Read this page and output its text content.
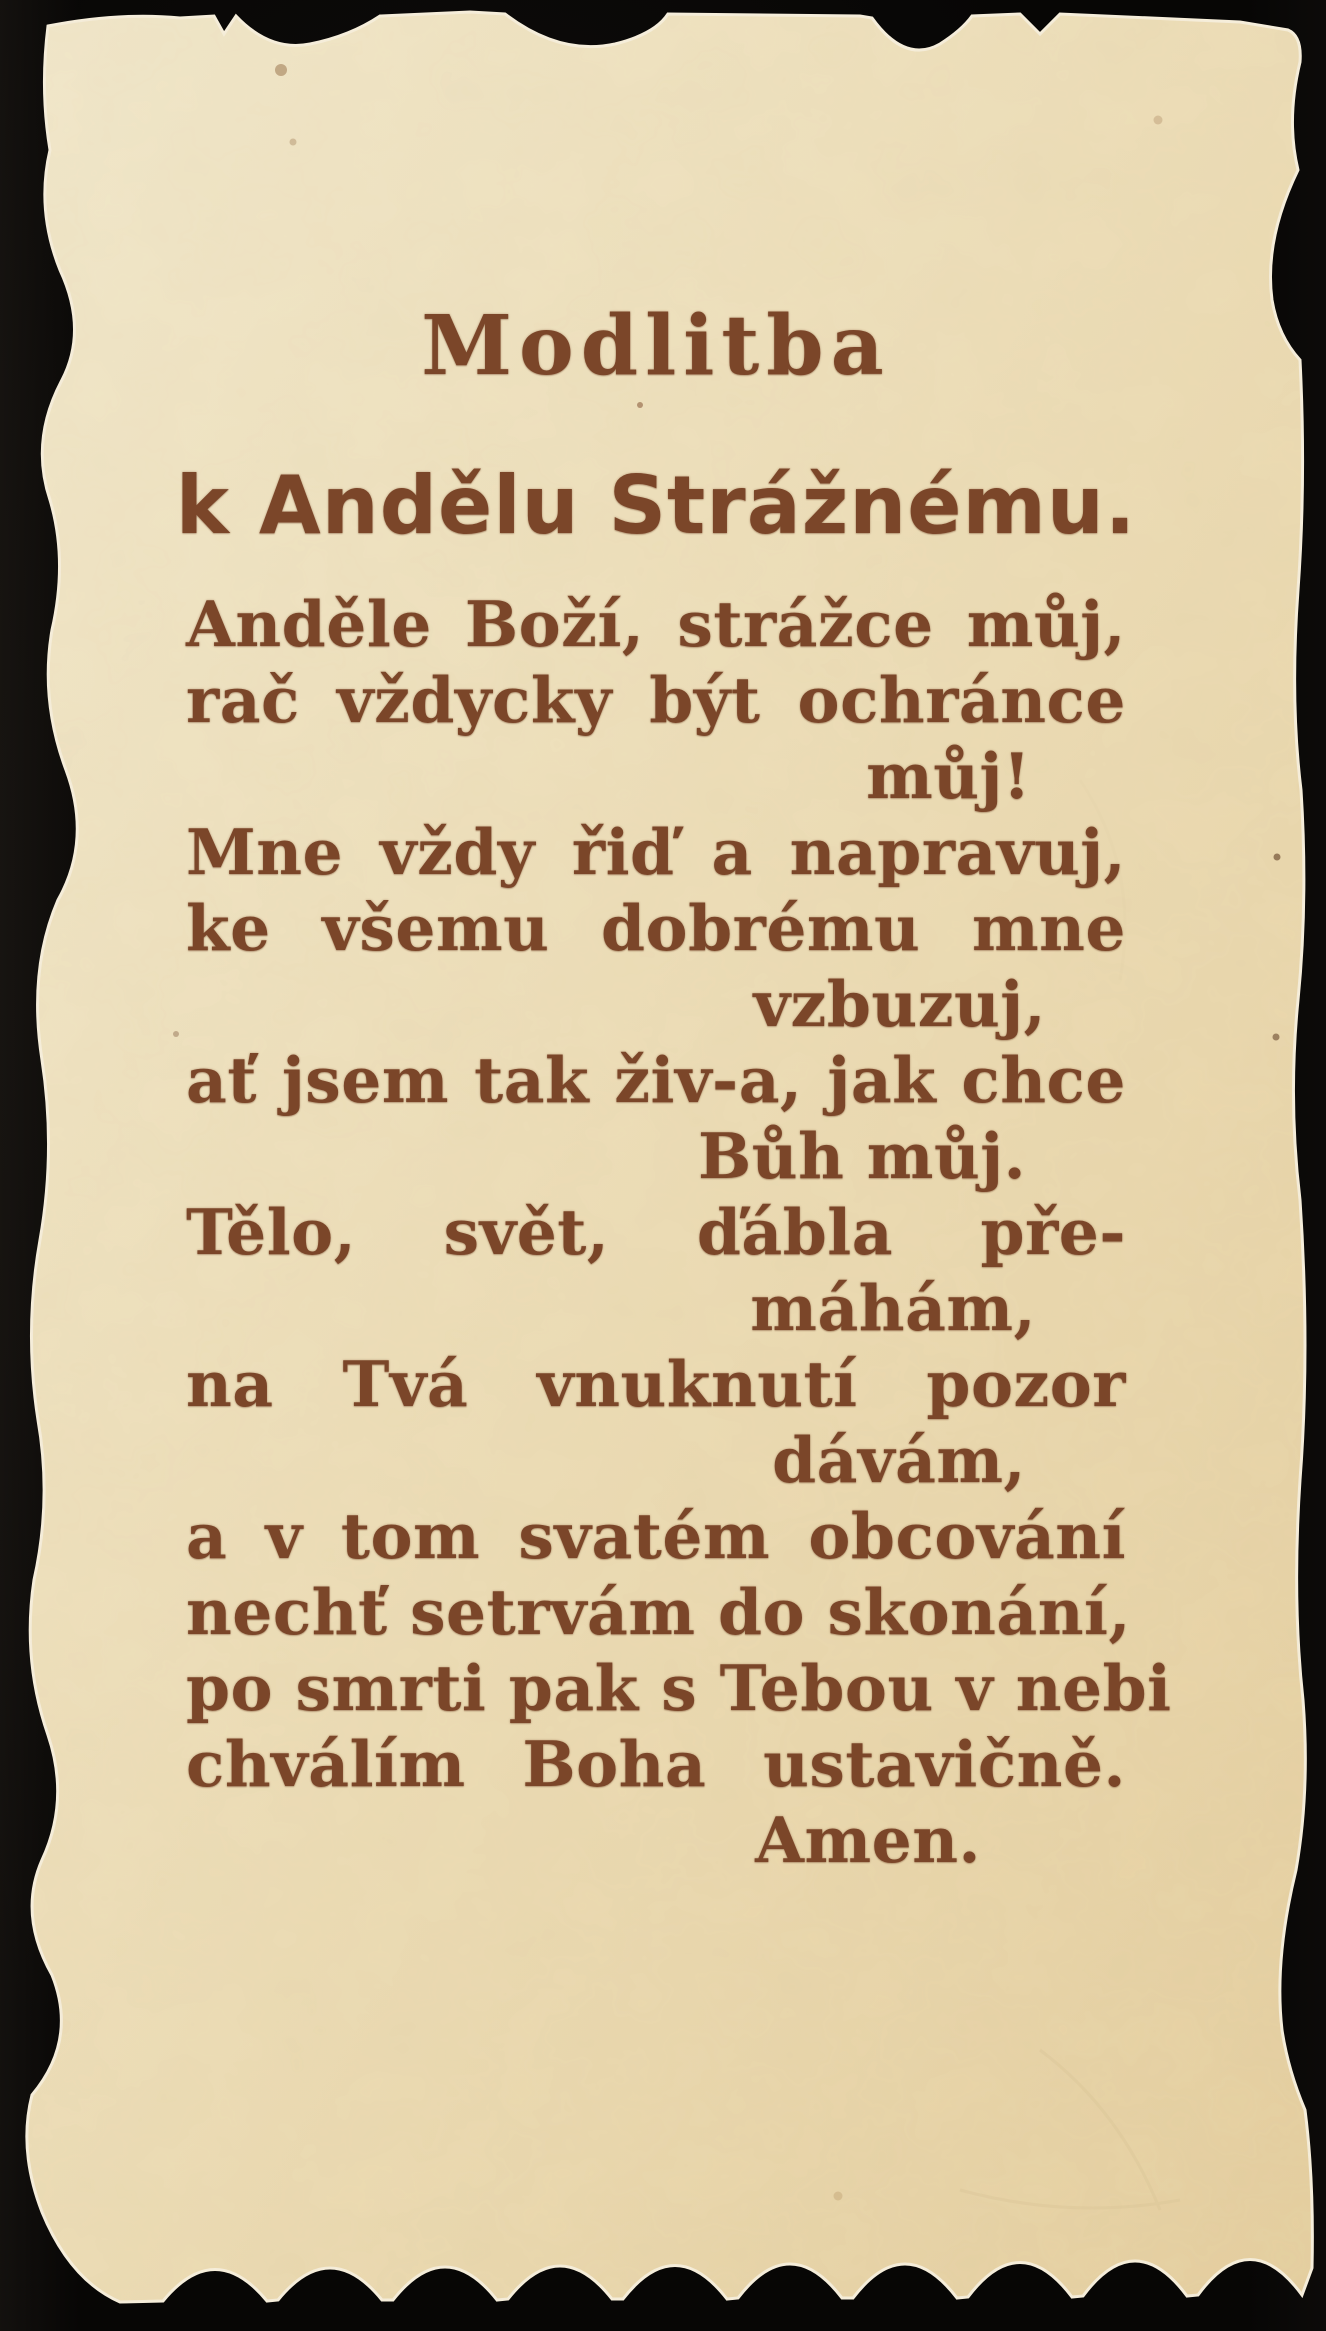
Modlitba
k Andělu Strážnému.
Anděle Boží, strážce můj,
rač vždycky být ochránce
můj!
Mne vždy řiď a napravuj,
ke všemu dobrému mne
vzbuzuj,
ať jsem tak živ-a, jak chce
Bůh můj.
Tělo, svět, ďábla pře-
máhám,
na Tvá vnuknutí pozor
dávám,
a v tom svatém obcování
nechť setrvám do skonání,
po smrti pak s Tebou v nebi
chválím Boha ustavičně.
Amen.
